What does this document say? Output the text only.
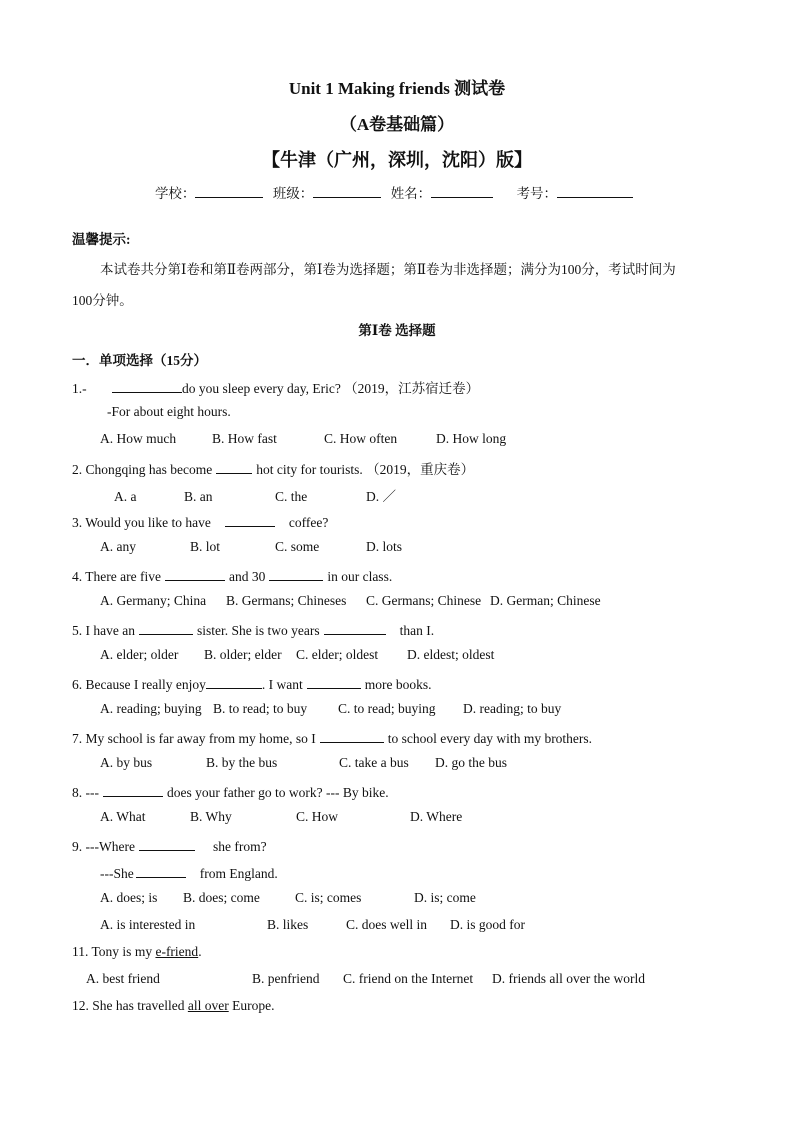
Unit 1 Making friends 测试卷
（A卷基础篇）
【牛津（广州，深圳，沈阳）版】
学校：	班级：	姓名：	考号：
温馨提示:
本试卷共分第Ⅰ卷和第Ⅱ卷两部分，第Ⅰ卷为选择题；第Ⅱ卷为非选择题；满分为100分，考试时间为
100分钟。
第Ⅰ卷 选择题
一．单项选择（15分）
1.-	do you sleep every day, Eric? （2019，江苏宿迁卷）
-For about eight hours.
A. How much	B. How fast	C. How often	D. How long
2. Chongqing has become	hot city for tourists. （2019，重庆卷）
A. a	B. an	C. the	D. ／
3. Would you like to have	coffee?
A. any	B. lot	C. some	D. lots
4. There are five	and 30	in our class.
A. Germany; China B. Germans; Chineses C. Germans; Chinese D. German; Chinese
5. I have an	sister. She is two years	than I.
A. elder; older B. older; elder C. elder; oldest D. eldest; oldest
6. Because I really enjoy	. I want	more books.
A. reading; buying B. to read; to buy C. to read; buying D. reading; to buy
7. My school is far away from my home, so I	to school every day with my brothers.
A. by bus	B. by the bus	C. take a bus D. go the bus
8. ---	does your father go to work? --- By bike.
A. What	B. Why	C. How	D. Where
9. ---Where	she from?
---She	from England.
A. does; is B. does; come	C. is; comes	D. is; come
A. is interested in	B. likes	C. does well in D. is good for
11. Tony is my e-friend.
A. best friend	B. penfriend C. friend on the Internet D. friends all over the world
12. She has travelled all over Europe.
